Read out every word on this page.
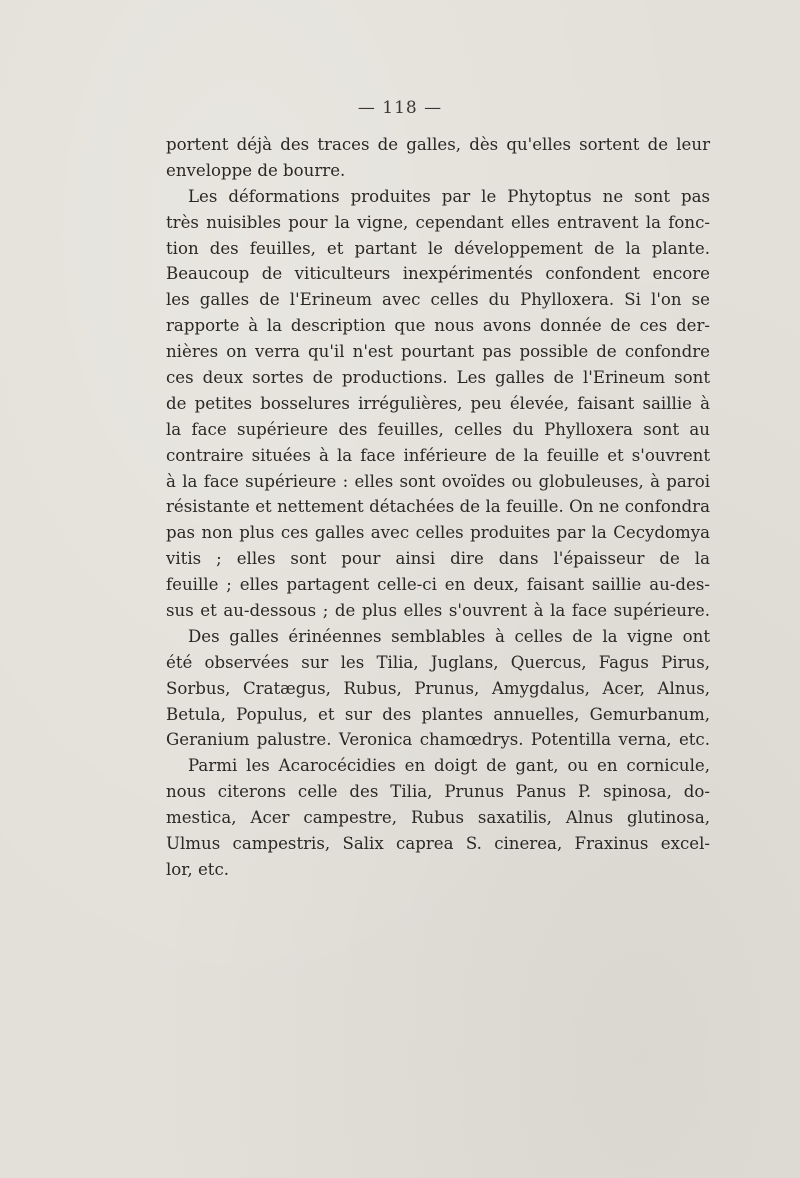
— 118 —
portent déjà des traces de galles, dès qu'elles sortent de leur
enveloppe de bourre.
Les déformations produites par le Phytoptus ne sont pas
très nuisibles pour la vigne, cependant elles entravent la fonc-
tion des feuilles, et partant le développement de la plante.
Beaucoup de viticulteurs inexpérimentés confondent encore
les galles de l'Erineum avec celles du Phylloxera. Si l'on se
rapporte à la description que nous avons donnée de ces der-
nières on verra qu'il n'est pourtant pas possible de confondre
ces deux sortes de productions. Les galles de l'Erineum sont
de petites bosselures irrégulières, peu élevée, faisant saillie à
la face supérieure des feuilles, celles du Phylloxera sont au
contraire situées à la face inférieure de la feuille et s'ouvrent
à la face supérieure : elles sont ovoïdes ou globuleuses, à paroi
résistante et nettement détachées de la feuille. On ne confondra
pas non plus ces galles avec celles produites par la Cecydomya
vitis ; elles sont pour ainsi dire dans l'épaisseur de la
feuille ; elles partagent celle-ci en deux, faisant saillie au-des-
sus et au-dessous ; de plus elles s'ouvrent à la face supérieure.
Des galles érinéennes semblables à celles de la vigne ont
été observées sur les Tilia, Juglans, Quercus, Fagus Pirus,
Sorbus, Cratægus, Rubus, Prunus, Amygdalus, Acer, Alnus,
Betula, Populus, et sur des plantes annuelles, Gemurbanum,
Geranium palustre. Veronica chamœdrys. Potentilla verna, etc.
Parmi les Acarocécidies en doigt de gant, ou en cornicule,
nous citerons celle des Tilia, Prunus Panus P. spinosa, do-
mestica, Acer campestre, Rubus saxatilis, Alnus glutinosa,
Ulmus campestris, Salix caprea S. cinerea, Fraxinus excel-
lor, etc.
